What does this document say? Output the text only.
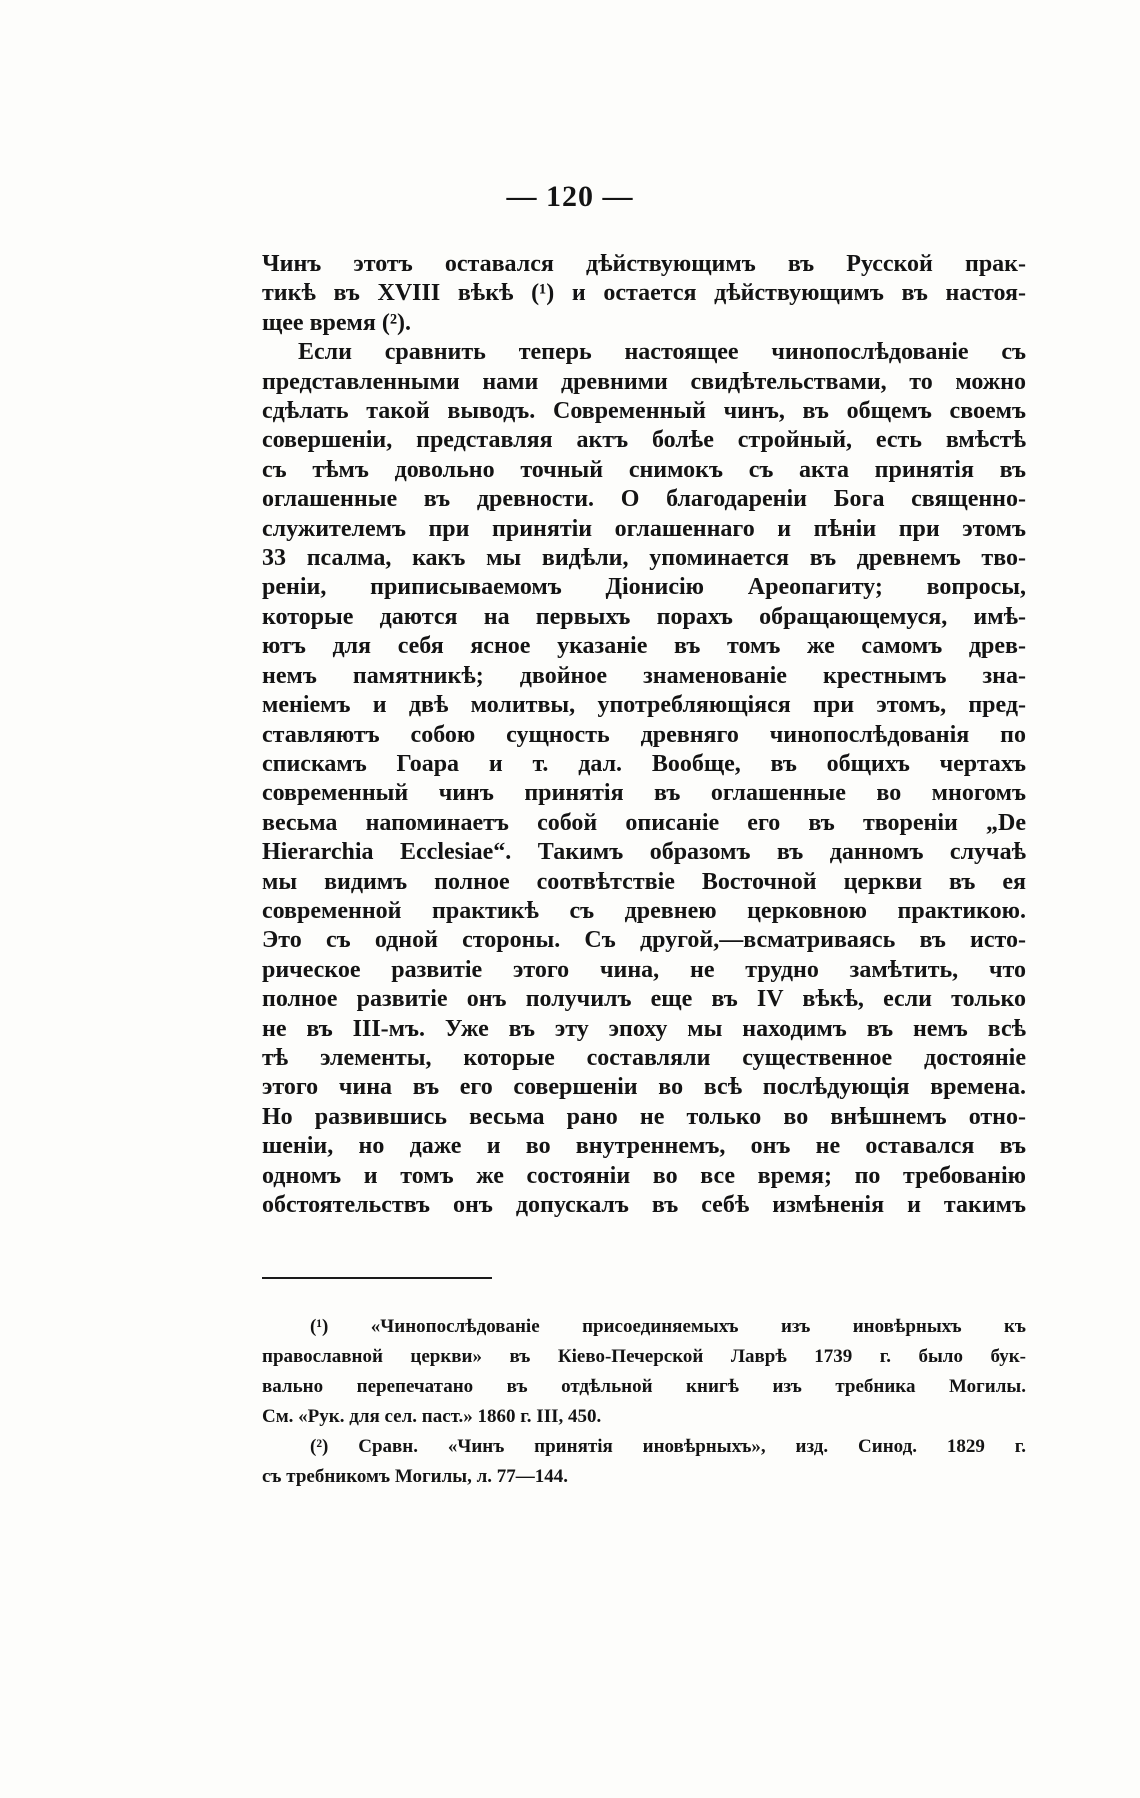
— 120 —
Чинъ этотъ оставался дѣйствующимъ въ Русской прак-
тикѣ въ XVIII вѣкѣ (¹) и остается дѣйствующимъ въ настоя-
щее время (²).
Если сравнить теперь настоящее чинопослѣдованіе съ
представленными нами древними свидѣтельствами, то можно
сдѣлать такой выводъ. Современный чинъ, въ общемъ своемъ
совершеніи, представляя актъ болѣе стройный, есть вмѣстѣ
съ тѣмъ довольно точный снимокъ съ акта принятія въ
оглашенные въ древности. О благодареніи Бога священно-
служителемъ при принятіи оглашеннаго и пѣніи при этомъ
33 псалма, какъ мы видѣли, упоминается въ древнемъ тво-
реніи, приписываемомъ Діонисію Ареопагиту; вопросы,
которые даются на первыхъ порахъ обращающемуся, имѣ-
ютъ для себя ясное указаніе въ томъ же самомъ древ-
немъ памятникѣ; двойное знаменованіе крестнымъ зна-
меніемъ и двѣ молитвы, употребляющіяся при этомъ, пред-
ставляютъ собою сущность древняго чинопослѣдованія по
спискамъ Гоара и т. дал. Вообще, въ общихъ чертахъ
современный чинъ принятія въ оглашенные во многомъ
весьма напоминаетъ собой описаніе его въ твореніи „De
Hierarchia Ecclesiae“. Такимъ образомъ въ данномъ случаѣ
мы видимъ полное соотвѣтствіе Восточной церкви въ ея
современной практикѣ съ древнею церковною практикою.
Это съ одной стороны. Съ другой,—всматриваясь въ исто-
рическое развитіе этого чина, не трудно замѣтить, что
полное развитіе онъ получилъ еще въ IV вѣкѣ, если только
не въ III-мъ. Уже въ эту эпоху мы находимъ въ немъ всѣ
тѣ элементы, которые составляли существенное достояніе
этого чина въ его совершеніи во всѣ послѣдующія времена.
Но развившись весьма рано не только во внѣшнемъ отно-
шеніи, но даже и во внутреннемъ, онъ не оставался въ
одномъ и томъ же состояніи во все время; по требованію
обстоятельствъ онъ допускалъ въ себѣ измѣненія и такимъ
(¹) «Чинопослѣдованіе присоединяемыхъ изъ иновѣрныхъ къ
православной церкви» въ Кіево-Печерской Лаврѣ 1739 г. было бук-
вально перепечатано въ отдѣльной книгѣ изъ требника Могилы.
См. «Рук. для сел. паст.» 1860 г. III, 450.
(²) Сравн. «Чинъ принятія иновѣрныхъ», изд. Синод. 1829 г.
съ требникомъ Могилы, л. 77—144.
